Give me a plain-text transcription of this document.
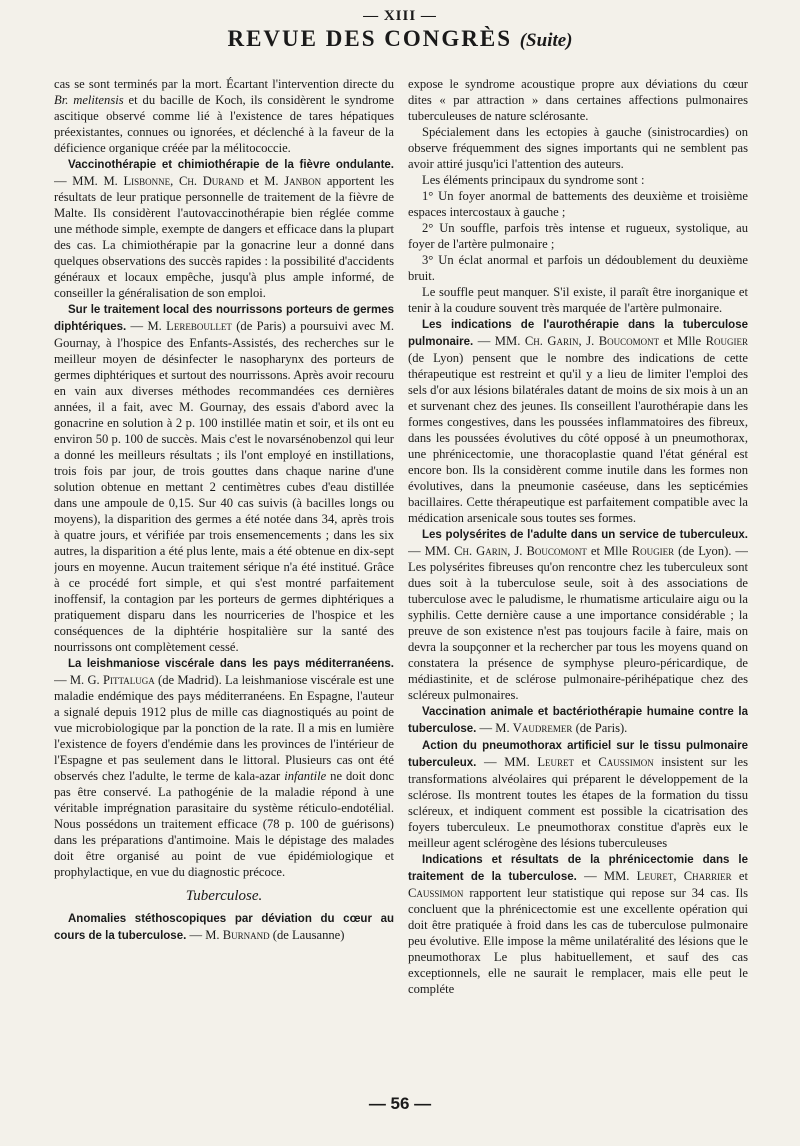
— XIII —
REVUE DES CONGRÈS (Suite)

cas se sont terminés par la mort. Écartant l'intervention directe du Br. melitensis et du bacille de Koch, ils considèrent le syndrome ascitique observé comme lié à l'existence de tares hépatiques préexistantes, connues ou ignorées, et déclenché à la faveur de la déficience organique créée par la mélitococcie.

Vaccinothérapie et chimiothérapie de la fièvre ondulante. — MM. M. Lisbonne, Ch. Durand et M. Janbon apportent les résultats de leur pratique personnelle de traitement de la fièvre de Malte. Ils considèrent l'autovaccinothérapie bien réglée comme une méthode simple, exempte de dangers et efficace dans la plupart des cas. La chimiothérapie par la gonacrine leur a donné dans quelques observations des succès rapides : la possibilité d'accidents généraux et locaux empêche, jusqu'à plus ample informé, de conseiller la généralisation de son emploi.

Sur le traitement local des nourrissons porteurs de germes diphtériques. — M. Lereboullet (de Paris) a poursuivi avec M. Gournay, à l'hospice des Enfants-Assistés, des recherches sur le meilleur moyen de désinfecter le nasopharynx des porteurs de germes diphtériques et surtout des nourrissons. Après avoir recouru en vain aux diverses méthodes recommandées ces dernières années, il a fait, avec M. Gournay, des essais d'abord avec la gonacrine en solution à 2 p. 100 instillée matin et soir, et ils ont eu environ 50 p. 100 de succès. Mais c'est le novarsénobenzol qui leur a donné les meilleurs résultats ; ils l'ont employé en instillations, trois fois par jour, de trois gouttes dans chaque narine d'une solution obtenue en mettant 2 centimètres cubes d'eau distillée dans une ampoule de 0,15. Sur 40 cas suivis (à bacilles longs ou moyens), la disparition des germes a été notée dans 34, après trois à quatre jours, et vérifiée par trois ensemencements ; dans les six autres, la disparition a été plus lente, mais a été obtenue en dix-sept jours en moyenne. Aucun traitement sérique n'a été institué. Grâce à ce procédé fort simple, et qui s'est montré parfaitement inoffensif, la contagion par les porteurs de germes diphtériques a pratiquement disparu dans les nourriceries de l'hospice et les conséquences de la diphtérie hospitalière sur la santé des nourrissons ont complètement cessé.

La leishmaniose viscérale dans les pays méditerranéens. — M. G. Pittaluga (de Madrid). La leishmaniose viscérale est une maladie endémique des pays méditerranéens. En Espagne, l'auteur a signalé depuis 1912 plus de mille cas diagnostiqués au point de vue microbiologique par la ponction de la rate. Il a mis en lumière l'existence de foyers d'endémie dans les provinces de l'intérieur de l'Espagne et pas seulement dans le littoral. Plusieurs cas ont été observés chez l'adulte, le terme de kala-azar infantile ne doit donc pas être conservé. La pathogénie de la maladie répond à une véritable imprégnation parasitaire du système réticulo-endotélial. Nous possédons un traitement efficace (78 p. 100 de guérisons) dans les préparations d'antimoine. Mais le dépistage des malades doit être organisé au point de vue épidémiologique et prophylactique, en vue du diagnostic précoce.

Tuberculose.

Anomalies stéthoscopiques par déviation du cœur au cours de la tuberculose. — M. Burnand (de Lausanne)

expose le syndrome acoustique propre aux déviations du cœur dites « par attraction » dans certaines affections pulmonaires tuberculeuses de nature sclérosante.

Spécialement dans les ectopies à gauche (sinistrocardies) on observe fréquemment des signes importants qui ne semblent pas avoir attiré jusqu'ici l'attention des auteurs.

Les éléments principaux du syndrome sont :

1° Un foyer anormal de battements des deuxième et troisième espaces intercostaux à gauche ;

2° Un souffle, parfois très intense et rugueux, systolique, au foyer de l'artère pulmonaire ;

3° Un éclat anormal et parfois un dédoublement du deuxième bruit.

Le souffle peut manquer. S'il existe, il paraît être inorganique et tenir à la coudure souvent très marquée de l'artère pulmonaire.

Les indications de l'aurothérapie dans la tuberculose pulmonaire. — MM. Ch. Garin, J. Boucomont et Mlle Rougier (de Lyon) pensent que le nombre des indications de cette thérapeutique est restreint et qu'il y a lieu de limiter l'emploi des sels d'or aux lésions bilatérales datant de moins de six mois à un an et survenant chez des jeunes. Ils conseillent l'aurothérapie dans les formes congestives, dans les poussées inflammatoires des fibreux, dans les poussées évolutives du côté opposé à un pneumothorax, une phrénicectomie, une thoracoplastie quand l'état général est encore bon. Ils la considèrent comme inutile dans les formes non évolutives, dans la pneumonie caséeuse, dans les septicémies bacillaires. Cette thérapeutique est parfaitement compatible avec la médication arsenicale sous toutes ses formes.

Les polysérites de l'adulte dans un service de tuberculeux. — MM. Ch. Garin, J. Boucomont et Mlle Rougier (de Lyon). — Les polysérites fibreuses qu'on rencontre chez les tuberculeux sont dues soit à la tuberculose seule, soit à des associations de tuberculose avec le paludisme, le rhumatisme articulaire aigu ou la syphilis. Cette dernière cause a une importance considérable ; la preuve de son existence n'est pas toujours facile à faire, mais on devra la soupçonner et la rechercher par tous les moyens quand on constatera la présence de symphyse pleuro-péricardique, de médiastinite, et de sclérose pulmonaire-périhépatique chez des scléreux pulmonaires.

Vaccination animale et bactériothérapie humaine contre la tuberculose. — M. Vaudremer (de Paris).

Action du pneumothorax artificiel sur le tissu pulmonaire tuberculeux. — MM. Leuret et Caussimon insistent sur les transformations alvéolaires qui préparent le développement de la sclérose. Ils montrent toutes les étapes de la formation du tissu scléreux, et indiquent comment est possible la cicatrisation des foyers tuberculeux. Le pneumothorax constitue d'après eux le meilleur agent sclérogène des lésions tuberculeuses

Indications et résultats de la phrénicectomie dans le traitement de la tuberculose. — MM. Leuret, Charrier et Caussimon rapportent leur statistique qui repose sur 34 cas. Ils concluent que la phrénicectomie est une excellente opération qui doit être pratiquée à froid dans les cas de tuberculose pulmonaire peu évolutive. Elle impose la même unilatéralité des lésions que le pneumothorax Le plus habituellement, et sauf des cas exceptionnels, elle ne saurait le remplacer, mais elle peut le compléte

— 56 —
